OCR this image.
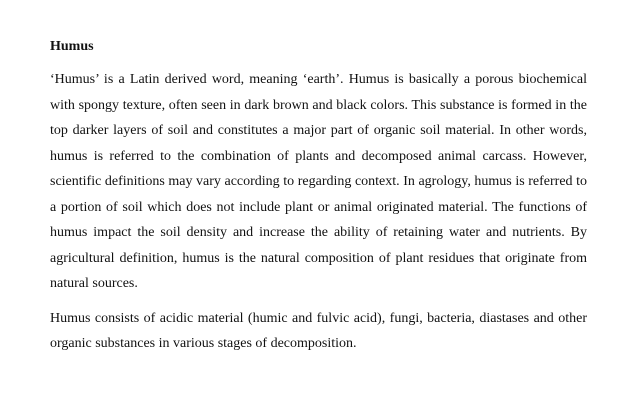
Humus

‘Humus’ is a Latin derived word, meaning ‘earth’. Humus is basically a porous biochemical with spongy texture, often seen in dark brown and black colors. This substance is formed in the top darker layers of soil and constitutes a major part of organic soil material. In other words, humus is referred to the combination of plants and decomposed animal carcass. However, scientific definitions may vary according to regarding context. In agrology, humus is referred to a portion of soil which does not include plant or animal originated material. The functions of humus impact the soil density and increase the ability of retaining water and nutrients. By agricultural definition, humus is the natural composition of plant residues that originate from natural sources.

Humus consists of acidic material (humic and fulvic acid), fungi, bacteria, diastases and other organic substances in various stages of decomposition.
